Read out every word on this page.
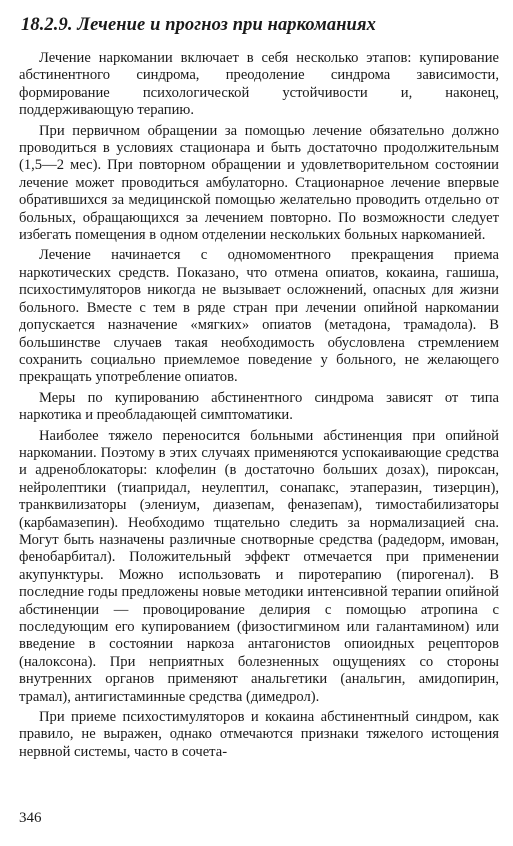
18.2.9. Лечение и прогноз при наркоманиях

Лечение наркомании включает в себя несколько этапов: купирование абстинентного синдрома, преодоление синдрома зависимости, формирование психологической устойчивости и, наконец, поддерживающую терапию.

При первичном обращении за помощью лечение обязательно должно проводиться в условиях стационара и быть достаточно продолжительным (1,5—2 мес). При повторном обращении и удовлетворительном состоянии лечение может проводиться амбулаторно. Стационарное лечение впервые обратившихся за медицинской помощью желательно проводить отдельно от больных, обращающихся за лечением повторно. По возможности следует избегать помещения в одном отделении нескольких больных наркоманией.

Лечение начинается с одномоментного прекращения приема наркотических средств. Показано, что отмена опиатов, кокаина, гашиша, психостимуляторов никогда не вызывает осложнений, опасных для жизни больного. Вместе с тем в ряде стран при лечении опийной наркомании допускается назначение «мягких» опиатов (метадона, трамадола). В большинстве случаев такая необходимость обусловлена стремлением сохранить социально приемлемое поведение у больного, не желающего прекращать употребление опиатов.

Меры по купированию абстинентного синдрома зависят от типа наркотика и преобладающей симптоматики.

Наиболее тяжело переносится больными абстиненция при опийной наркомании. Поэтому в этих случаях применяются успокаивающие средства и адреноблокаторы: клофелин (в достаточно больших дозах), пироксан, нейролептики (тиапридал, неулептил, сонапакс, этаперазин, тизерцин), транквилизаторы (элениум, диазепам, феназепам), тимостабилизаторы (карбамазепин). Необходимо тщательно следить за нормализацией сна. Могут быть назначены различные снотворные средства (радедорм, имован, фенобарбитал). Положительный эффект отмечается при применении акупунктуры. Можно использовать и пиротерапию (пирогенал). В последние годы предложены новые методики интенсивной терапии опийной абстиненции — провоцирование делирия с помощью атропина с последующим его купированием (физостигмином или галантамином) или введение в состоянии наркоза антагонистов опиоидных рецепторов (налоксона). При неприятных болезненных ощущениях со стороны внутренних органов применяют анальгетики (анальгин, амидопирин, трамал), антигистаминные средства (димедрол).

При приеме психостимуляторов и кокаина абстинентный синдром, как правило, не выражен, однако отмечаются признаки тяжелого истощения нервной системы, часто в сочета-

346
